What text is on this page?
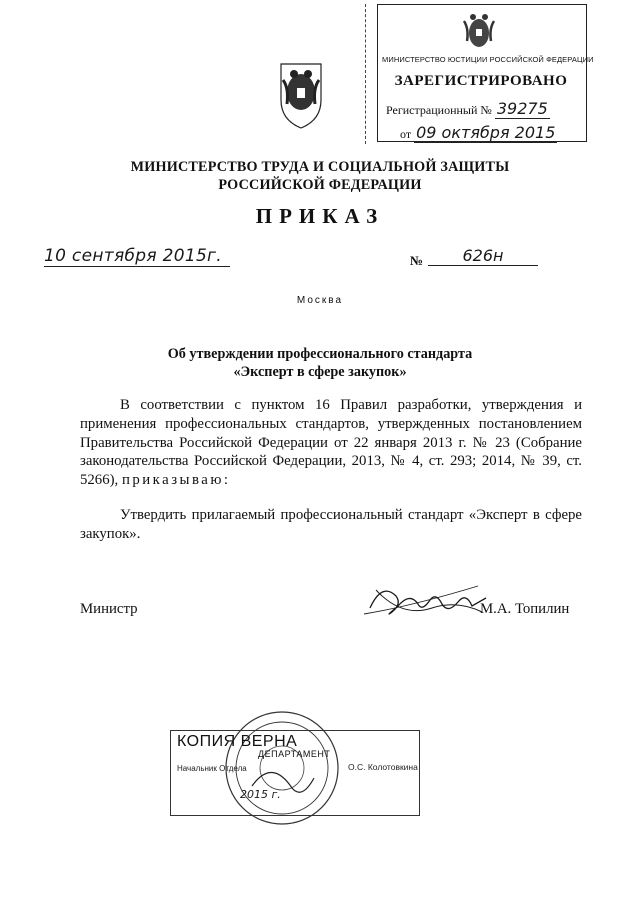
МИНИСТЕРСТВО ЮСТИЦИИ РОССИЙСКОЙ ФЕДЕРАЦИИ
ЗАРЕГИСТРИРОВАНО
Регистрационный № 39275
от 09 октября 2015
МИНИСТЕРСТВО ТРУДА И СОЦИАЛЬНОЙ ЗАЩИТЫ
РОССИЙСКОЙ ФЕДЕРАЦИИ
ПРИКАЗ
10 сентября 2015г.	№	626н
Москва
Об утверждении профессионального стандарта
«Эксперт в сфере закупок»
В соответствии с пунктом 16 Правил разработки, утверждения и применения профессиональных стандартов, утвержденных постановлением Правительства Российской Федерации от 22 января 2013 г. № 23 (Собрание законодательства Российской Федерации, 2013, № 4, ст. 293; 2014, № 39, ст. 5266), приказываю:
Утвердить прилагаемый профессиональный стандарт «Эксперт в сфере закупок».
Министр	М.А. Топилин
КОПИЯ ВЕРНА
ДЕПАРТАМЕНТ
Начальник Отдела	О.С. Колотовкина
2015 г.
